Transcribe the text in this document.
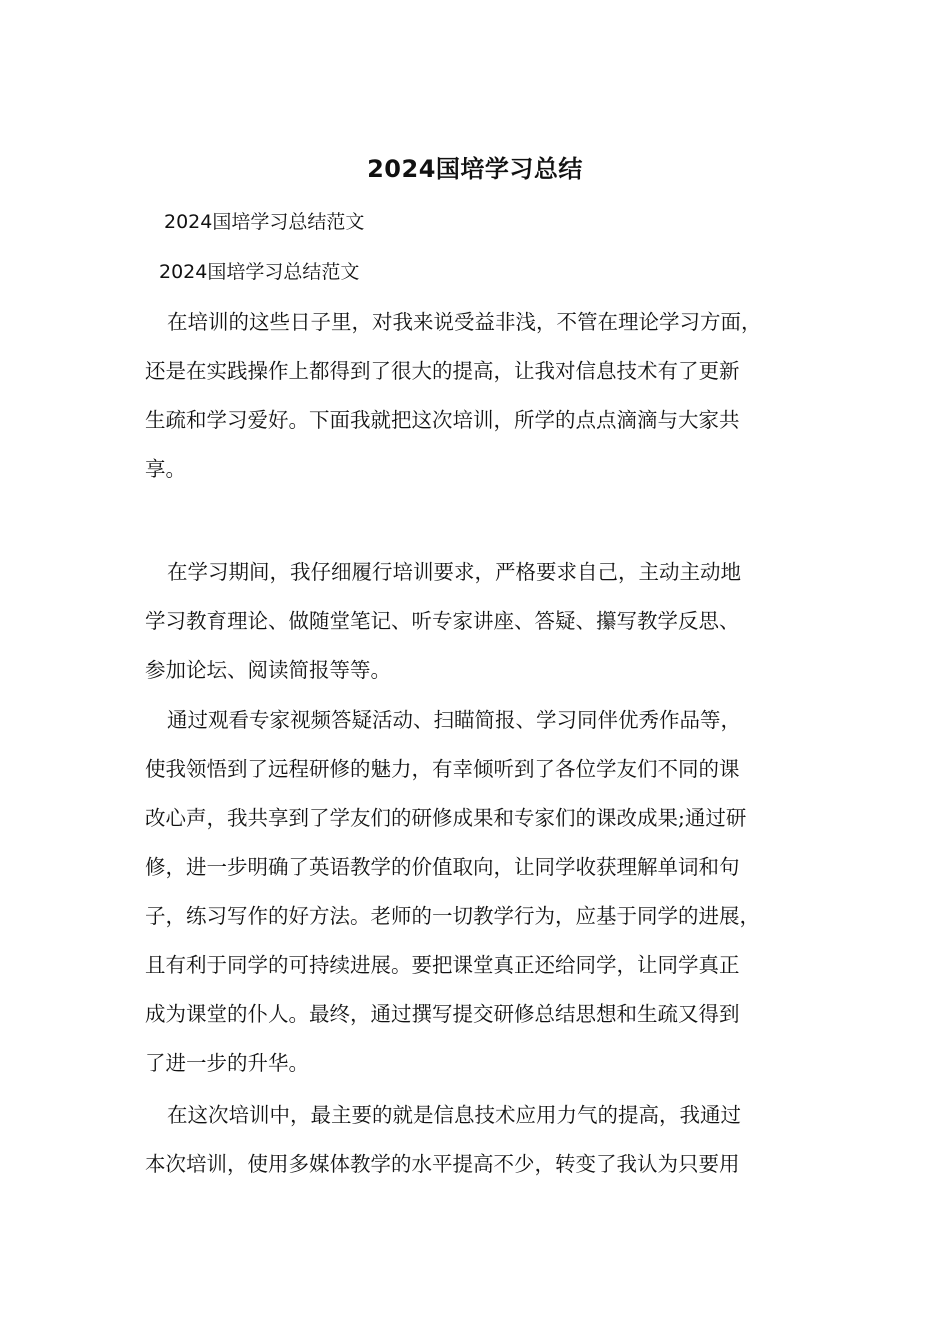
2024国培学习总结
2024国培学习总结范文
2024国培学习总结范文
在培训的这些日子里，对我来说受益非浅，不管在理论学习方面，
还是在实践操作上都得到了很大的提高，让我对信息技术有了更新
生疏和学习爱好。下面我就把这次培训，所学的点点滴滴与大家共
享。
在学习期间，我仔细履行培训要求，严格要求自己，主动主动地
学习教育理论、做随堂笔记、听专家讲座、答疑、攥写教学反思、
参加论坛、阅读简报等等。
通过观看专家视频答疑活动、扫瞄简报、学习同伴优秀作品等，
使我领悟到了远程研修的魅力，有幸倾听到了各位学友们不同的课
改心声，我共享到了学友们的研修成果和专家们的课改成果;通过研
修，进一步明确了英语教学的价值取向，让同学收获理解单词和句
子，练习写作的好方法。老师的一切教学行为，应基于同学的进展，
且有利于同学的可持续进展。要把课堂真正还给同学，让同学真正
成为课堂的仆人。最终，通过撰写提交研修总结思想和生疏又得到
了进一步的升华。
在这次培训中，最主要的就是信息技术应用力气的提高，我通过
本次培训，使用多媒体教学的水平提高不少，转变了我认为只要用
